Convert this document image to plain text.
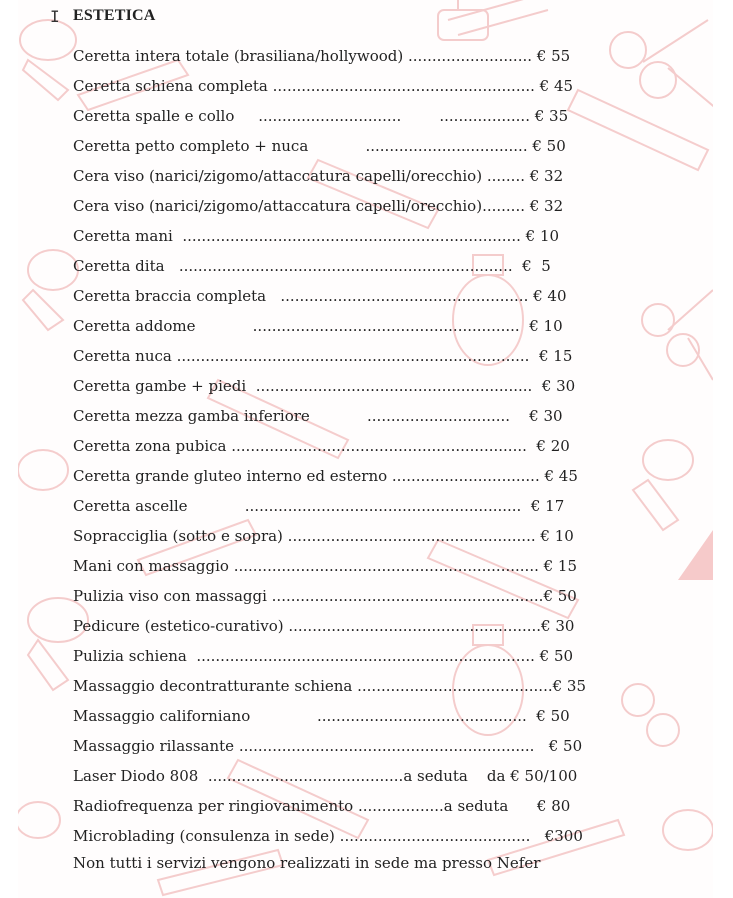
I ESTETICA
Ceretta intera totale (brasiliana/hollywood) .......................... € 55
Ceretta schiena completa ....................................................... € 45
Ceretta spalle e collo     ..............................        ................... € 35
Ceretta petto completo + nuca            .................................. € 50
Cera viso (narici/zigomo/attaccatura capelli/orecchio) ........ € 32
Cera viso (narici/zigomo/attaccatura capelli/orecchio)......... € 32
Ceretta mani  ....................................................................... € 10
Ceretta dita   ......................................................................  €  5
Ceretta braccia completa   .................................................... € 40
Ceretta addome            ........................................................  € 10
Ceretta nuca ..........................................................................  € 15
Ceretta gambe + piedi  ..........................................................  € 30
Ceretta mezza gamba inferiore            ..............................    € 30
Ceretta zona pubica ..............................................................  € 20
Ceretta grande gluteo interno ed esterno ............................... € 45
Ceretta ascelle            ..........................................................  € 17
Sopracciglia (sotto e sopra) .................................................... € 10
Mani con massaggio ................................................................ € 15
Pulizia viso con massaggi .........................................................€ 50
Pedicure (estetico-curativo) .....................................................€ 30
Pulizia schiena  ....................................................................... € 50
Massaggio decontratturante schiena .........................................€ 35
Massaggio californiano              ............................................  € 50
Massaggio rilassante ..............................................................   € 50
Laser Diodo 808  .........................................a seduta    da € 50/100
Radiofrequenza per ringiovanimento ..................a seduta      € 80
Microblading (consulenza in sede) ........................................   €300
Non tutti i servizi vengono realizzati in sede ma presso Nefer
